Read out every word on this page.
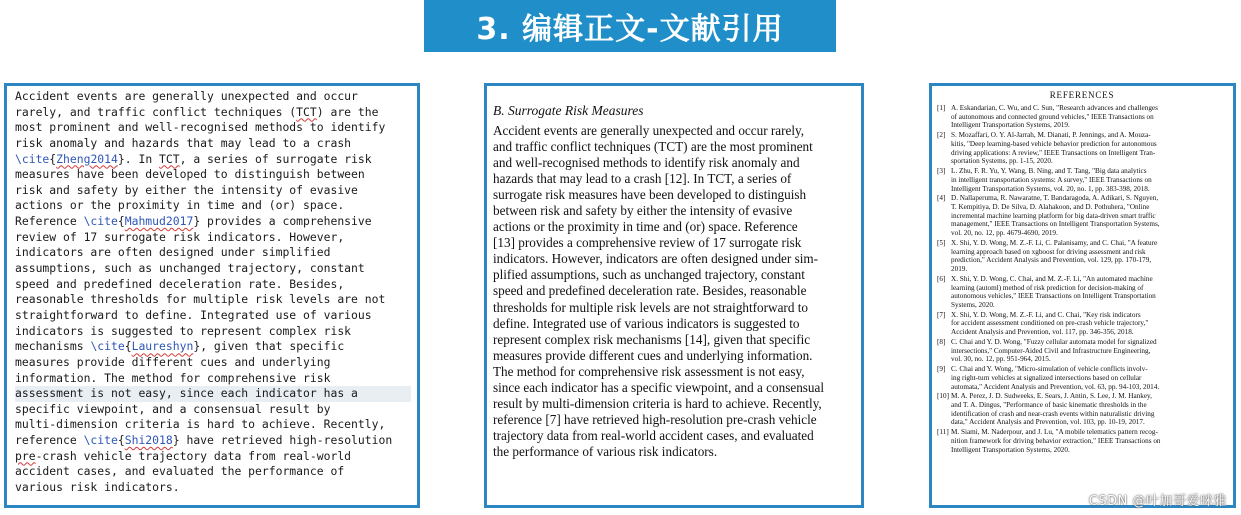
3. 编辑正文-文献引用
Accident events are generally unexpected and occur
rarely, and traffic conflict techniques (TCT) are the
most prominent and well-recognised methods to identify
risk anomaly and hazards that may lead to a crash
\cite{Zheng2014}. In TCT, a series of surrogate risk
measures have been developed to distinguish between
risk and safety by either the intensity of evasive
actions or the proximity in time and (or) space.
Reference \cite{Mahmud2017} provides a comprehensive
review of 17 surrogate risk indicators. However,
indicators are often designed under simplified
assumptions, such as unchanged trajectory, constant
speed and predefined deceleration rate. Besides,
reasonable thresholds for multiple risk levels are not
straightforward to define. Integrated use of various
indicators is suggested to represent complex risk
mechanisms \cite{Laureshyn}, given that specific
measures provide different cues and underlying
information. The method for comprehensive risk
assessment is not easy, since each indicator has a
specific viewpoint, and a consensual result by
multi-dimension criteria is hard to achieve. Recently,
reference \cite{Shi2018} have retrieved high-resolution
pre-crash vehicle trajectory data from real-world
accident cases, and evaluated the performance of
various risk indicators.
B. Surrogate Risk Measures
Accident events are generally unexpected and occur rarely,
and traffic conflict techniques (TCT) are the most prominent
and well-recognised methods to identify risk anomaly and
hazards that may lead to a crash [12]. In TCT, a series of
surrogate risk measures have been developed to distinguish
between risk and safety by either the intensity of evasive
actions or the proximity in time and (or) space. Reference
[13] provides a comprehensive review of 17 surrogate risk
indicators. However, indicators are often designed under sim-
plified assumptions, such as unchanged trajectory, constant
speed and predefined deceleration rate. Besides, reasonable
thresholds for multiple risk levels are not straightforward to
define. Integrated use of various indicators is suggested to
represent complex risk mechanisms [14], given that specific
measures provide different cues and underlying information.
The method for comprehensive risk assessment is not easy,
since each indicator has a specific viewpoint, and a consensual
result by multi-dimension criteria is hard to achieve. Recently,
reference [7] have retrieved high-resolution pre-crash vehicle
trajectory data from real-world accident cases, and evaluated
the performance of various risk indicators.
REFERENCES
[1] A. Eskandarian, C. Wu, and C. Sun, "Research advances and challenges
of autonomous and connected ground vehicles," IEEE Transactions on
Intelligent Transportation Systems, 2019.
[2] S. Mozaffari, O. Y. Al-Jarrah, M. Dianati, P. Jennings, and A. Mouza-
kitis, "Deep learning-based vehicle behavior prediction for autonomous
driving applications: A review," IEEE Transactions on Intelligent Tran-
sportation Systems, pp. 1-15, 2020.
[3] L. Zhu, F. R. Yu, Y. Wang, B. Ning, and T. Tang, "Big data analytics
in intelligent transportation systems: A survey," IEEE Transactions on
Intelligent Transportation Systems, vol. 20, no. 1, pp. 383-398, 2018.
[4] D. Nallaperuma, R. Nawaratne, T. Bandaragoda, A. Adikari, S. Nguyen,
T. Kempitiya, D. De Silva, D. Alahakoon, and D. Pothuhera, "Online
incremental machine learning platform for big data-driven smart traffic
management," IEEE Transactions on Intelligent Transportation Systems,
vol. 20, no. 12, pp. 4679-4690, 2019.
[5] X. Shi, Y. D. Wong, M. Z.-F. Li, C. Palanisamy, and C. Chai, "A feature
learning approach based on xgboost for driving assessment and risk
prediction," Accident Analysis and Prevention, vol. 129, pp. 170-179,
2019.
[6] X. Shi, Y. D. Wong, C. Chai, and M. Z.-F. Li, "An automated machine
learning (automl) method of risk prediction for decision-making of
autonomous vehicles," IEEE Transactions on Intelligent Transportation
Systems, 2020.
[7] X. Shi, Y. D. Wong, M. Z.-F. Li, and C. Chai, "Key risk indicators
for accident assessment conditioned on pre-crash vehicle trajectory,"
Accident Analysis and Prevention, vol. 117, pp. 346-356, 2018.
[8] C. Chai and Y. D. Wong, "Fuzzy cellular automata model for signalized
intersections," Computer-Aided Civil and Infrastructure Engineering,
vol. 30, no. 12, pp. 951-964, 2015.
[9] C. Chai and Y. Wong, "Micro-simulation of vehicle conflicts involv-
ing right-turn vehicles at signalized intersections based on cellular
automata," Accident Analysis and Prevention, vol. 63, pp. 94-103, 2014.
[10] M. A. Perez, J. D. Sudweeks, E. Sears, J. Antin, S. Lee, J. M. Hankey,
and T. A. Dingus, "Performance of basic kinematic thresholds in the
identification of crash and near-crash events within naturalistic driving
data," Accident Analysis and Prevention, vol. 103, pp. 10-19, 2017.
[11] M. Siami, M. Naderpour, and J. Lu, "A mobile telematics pattern recog-
nition framework for driving behavior extraction," IEEE Transactions on
Intelligent Transportation Systems, 2020.
CSDN @叶加哥爱咪雅
